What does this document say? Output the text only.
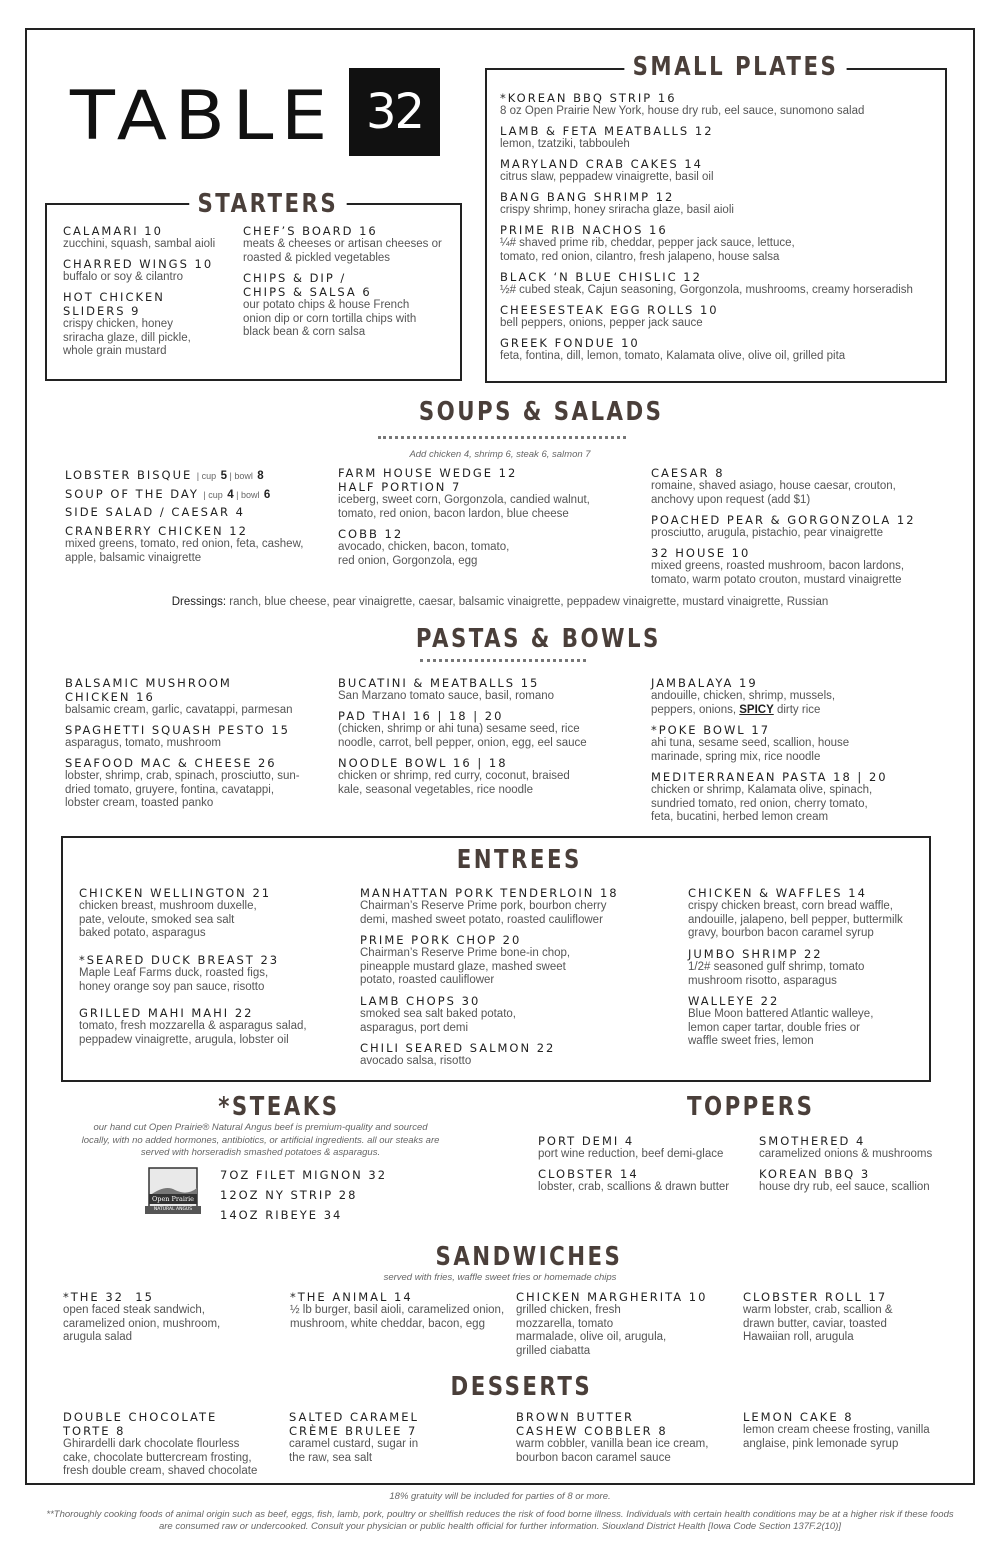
TABLE 32
SMALL PLATES
*KOREAN BBQ STRIP 16
8 oz Open Prairie New York, house dry rub, eel sauce, sunomono salad
LAMB & FETA MEATBALLS 12
lemon, tzatziki, tabbouleh
MARYLAND CRAB CAKES 14
citrus slaw, peppadew vinaigrette, basil oil
BANG BANG SHRIMP 12
crispy shrimp, honey sriracha glaze, basil aioli
PRIME RIB NACHOS 16
¼# shaved prime rib, cheddar, pepper jack sauce, lettuce, tomato, red onion, cilantro, fresh jalapeno, house salsa
BLACK ‘N BLUE CHISLIC 12
½# cubed steak, Cajun seasoning, Gorgonzola, mushrooms, creamy horseradish
CHEESESTEAK EGG ROLLS 10
bell peppers, onions, pepper jack sauce
GREEK FONDUE 10
feta, fontina, dill, lemon, tomato, Kalamata olive, olive oil, grilled pita
STARTERS
CALAMARI 10
zucchini, squash, sambal aioli
CHARRED WINGS 10
buffalo or soy & cilantro
HOT CHICKEN SLIDERS 9
crispy chicken, honey sriracha glaze, dill pickle, whole grain mustard
CHEF’S BOARD 16
meats & cheeses or artisan cheeses or roasted & pickled vegetables
CHIPS & DIP / CHIPS & SALSA 6
our potato chips & house French onion dip or corn tortilla chips with black bean & corn salsa
SOUPS & SALADS
Add chicken 4, shrimp 6, steak 6, salmon 7
LOBSTER BISQUE | cup 5 | bowl 8
SOUP OF THE DAY | cup 4 | bowl 6
SIDE SALAD / CAESAR 4
CRANBERRY CHICKEN 12
mixed greens, tomato, red onion, feta, cashew, apple, balsamic vinaigrette
FARM HOUSE WEDGE 12 HALF PORTION 7
iceberg, sweet corn, Gorgonzola, candied walnut, tomato, red onion, bacon lardon, blue cheese
COBB 12
avocado, chicken, bacon, tomato, red onion, Gorgonzola, egg
CAESAR 8
romaine, shaved asiago, house caesar, crouton, anchovy upon request (add $1)
POACHED PEAR & GORGONZOLA 12
prosciutto, arugula, pistachio, pear vinaigrette
32 HOUSE 10
mixed greens, roasted mushroom, bacon lardons, tomato, warm potato crouton, mustard vinaigrette
Dressings: ranch, blue cheese, pear vinaigrette, caesar, balsamic vinaigrette, peppadew vinaigrette, mustard vinaigrette, Russian
PASTAS & BOWLS
BALSAMIC MUSHROOM CHICKEN 16
balsamic cream, garlic, cavatappi, parmesan
SPAGHETTI SQUASH PESTO 15
asparagus, tomato, mushroom
SEAFOOD MAC & CHEESE 26
lobster, shrimp, crab, spinach, prosciutto, sun-dried tomato, gruyere, fontina, cavatappi, lobster cream, toasted panko
BUCATINI & MEATBALLS 15
San Marzano tomato sauce, basil, romano
PAD THAI 16 | 18 | 20
(chicken, shrimp or ahi tuna) sesame seed, rice noodle, carrot, bell pepper, onion, egg, eel sauce
NOODLE BOWL 16 | 18
chicken or shrimp, red curry, coconut, braised kale, seasonal vegetables, rice noodle
JAMBALAYA 19
andouille, chicken, shrimp, mussels, peppers, onions, SPICY dirty rice
*POKE BOWL 17
ahi tuna, sesame seed, scallion, house marinade, spring mix, rice noodle
MEDITERRANEAN PASTA 18 | 20
chicken or shrimp, Kalamata olive, spinach, sundried tomato, red onion, cherry tomato, feta, bucatini, herbed lemon cream
ENTREES
CHICKEN WELLINGTON 21
chicken breast, mushroom duxelle, pate, veloute, smoked sea salt baked potato, asparagus
*SEARED DUCK BREAST 23
Maple Leaf Farms duck, roasted figs, honey orange soy pan sauce, risotto
GRILLED MAHI MAHI 22
tomato, fresh mozzarella & asparagus salad, peppadew vinaigrette, arugula, lobster oil
MANHATTAN PORK TENDERLOIN 18
Chairman’s Reserve Prime pork, bourbon cherry demi, mashed sweet potato, roasted cauliflower
PRIME PORK CHOP 20
Chairman’s Reserve Prime bone-in chop, pineapple mustard glaze, mashed sweet potato, roasted cauliflower
LAMB CHOPS 30
smoked sea salt baked potato, asparagus, port demi
CHILI SEARED SALMON 22
avocado salsa, risotto
CHICKEN & WAFFLES 14
crispy chicken breast, corn bread waffle, andouille, jalapeno, bell pepper, buttermilk gravy, bourbon bacon caramel syrup
JUMBO SHRIMP 22
1/2# seasoned gulf shrimp, tomato mushroom risotto, asparagus
WALLEYE 22
Blue Moon battered Atlantic walleye, lemon caper tartar, double fries or waffle sweet fries, lemon
*STEAKS
our hand cut Open Prairie® Natural Angus beef is premium-quality and sourced locally, with no added hormones, antibiotics, or artificial ingredients. all our steaks are served with horseradish smashed potatoes & asparagus.
Open Prairie
NATURAL ANGUS
7OZ FILET MIGNON 32
12OZ NY STRIP 28
14OZ RIBEYE 34
TOPPERS
PORT DEMI 4
port wine reduction, beef demi-glace
CLOBSTER 14
lobster, crab, scallions & drawn butter
SMOTHERED 4
caramelized onions & mushrooms
KOREAN BBQ 3
house dry rub, eel sauce, scallion
SANDWICHES
served with fries, waffle sweet fries or homemade chips
*THE 32  15
open faced steak sandwich, caramelized onion, mushroom, arugula salad
*THE ANIMAL 14
½ lb burger, basil aioli, caramelized onion, mushroom, white cheddar, bacon, egg
CHICKEN MARGHERITA 10
grilled chicken, fresh mozzarella, tomato marmalade, olive oil, arugula, grilled ciabatta
CLOBSTER ROLL 17
warm lobster, crab, scallion & drawn butter, caviar, toasted Hawaiian roll, arugula
DESSERTS
DOUBLE CHOCOLATE TORTE 8
Ghirardelli dark chocolate flourless cake, chocolate buttercream frosting, fresh double cream, shaved chocolate
SALTED CARAMEL CRÈME BRULEE 7
caramel custard, sugar in the raw, sea salt
BROWN BUTTER CASHEW COBBLER 8
warm cobbler, vanilla bean ice cream, bourbon bacon caramel sauce
LEMON CAKE 8
lemon cream cheese frosting, vanilla anglaise, pink lemonade syrup
18% gratuity will be included for parties of 8 or more.
**Thoroughly cooking foods of animal origin such as beef, eggs, fish, lamb, pork, poultry or shellfish reduces the risk of food borne illness. Individuals with certain health conditions may be at a higher risk if these foods are consumed raw or undercooked. Consult your physician or public health official for further information. Siouxland District Health [Iowa Code Section 137F.2(10)]
